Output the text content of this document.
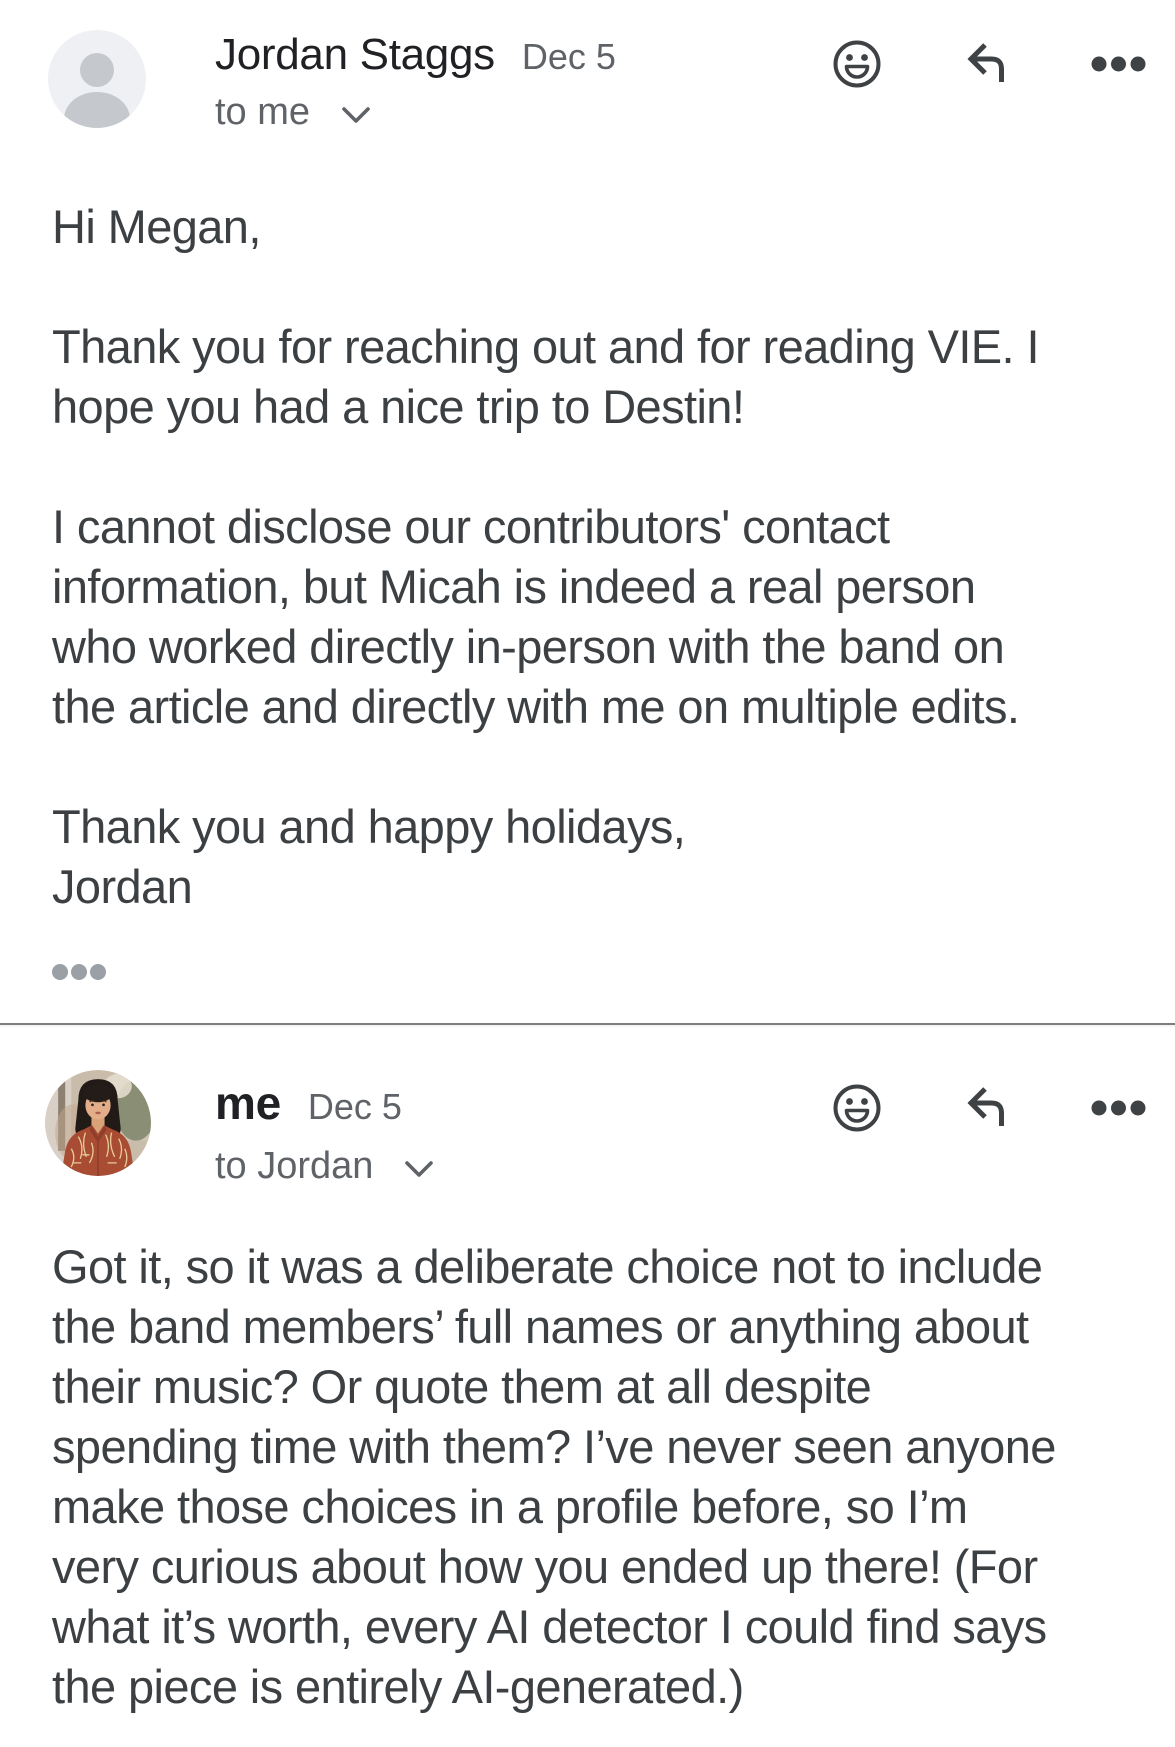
Jordan Staggs Dec 5
to me

Hi Megan,

Thank you for reaching out and for reading VIE. I
hope you had a nice trip to Destin!

I cannot disclose our contributors' contact
information, but Micah is indeed a real person
who worked directly in-person with the band on
the article and directly with me on multiple edits.

Thank you and happy holidays,
Jordan

me Dec 5
to Jordan

Got it, so it was a deliberate choice not to include
the band members’ full names or anything about
their music? Or quote them at all despite
spending time with them? I’ve never seen anyone
make those choices in a profile before, so I’m
very curious about how you ended up there! (For
what it’s worth, every AI detector I could find says
the piece is entirely AI-generated.)
